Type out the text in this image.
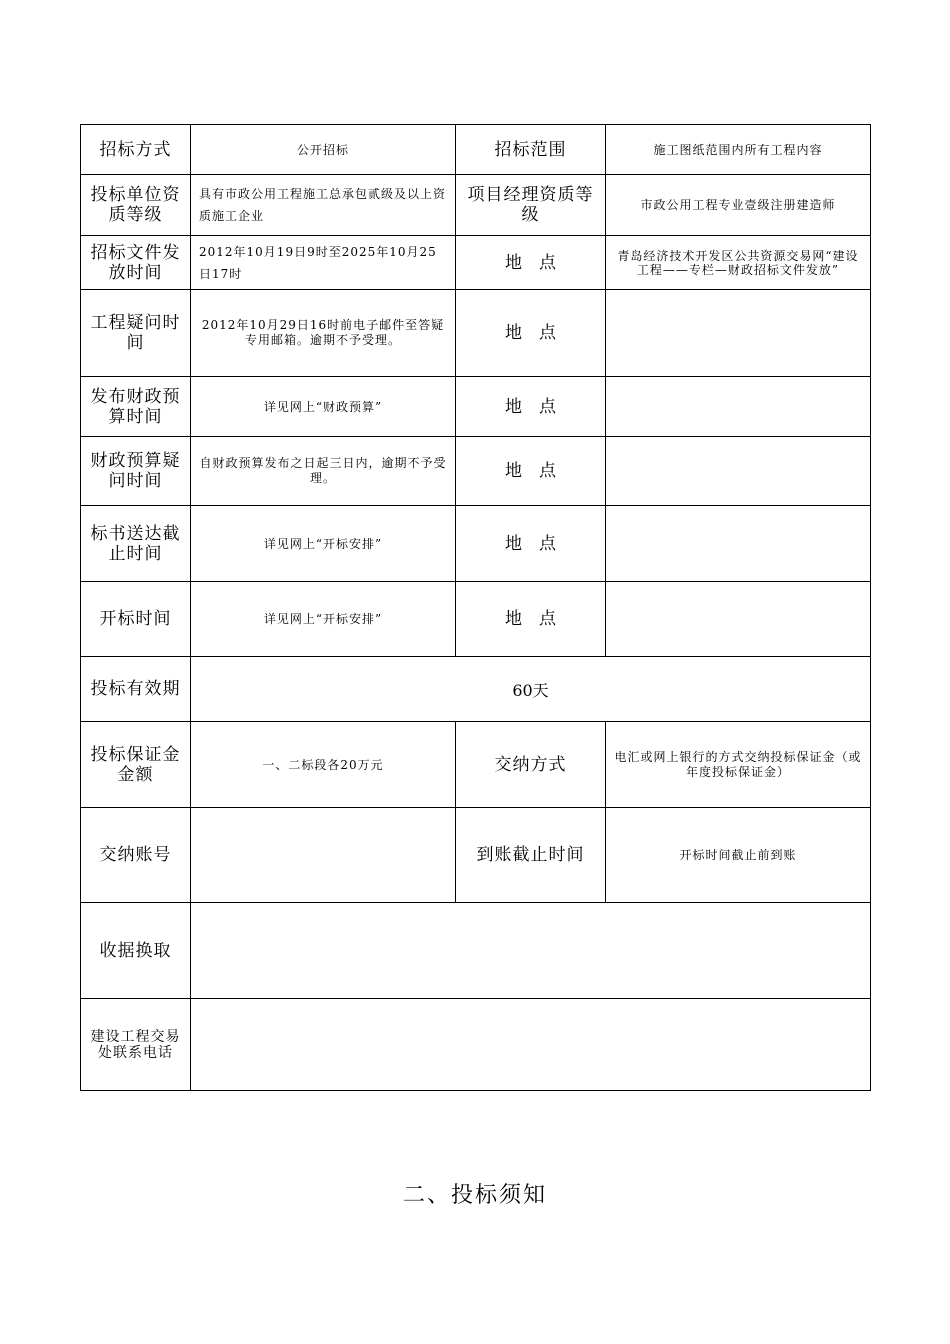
招标方式	公开招标	招标范围	施工图纸范围内所有工程内容
投标单位资质等级	具有市政公用工程施工总承包贰级及以上资质施工企业	项目经理资质等级	市政公用工程专业壹级注册建造师
招标文件发放时间	2012年10月19日9时至2025年10月25日17时	地　点	青岛经济技术开发区公共资源交易网“建设工程——专栏—财政招标文件发放”
工程疑问时间	2012年10月29日16时前电子邮件至答疑专用邮箱。逾期不予受理。	地　点	
发布财政预算时间	详见网上“财政预算”	地　点	
财政预算疑问时间	自财政预算发布之日起三日内，逾期不予受理。	地　点	
标书送达截止时间	详见网上“开标安排”	地　点	
开标时间	详见网上“开标安排”	地　点	
投标有效期	60天		
投标保证金金额	一、二标段各20万元	交纳方式	电汇或网上银行的方式交纳投标保证金（或年度投标保证金）
交纳账号		到账截止时间	开标时间截止前到账
收据换取			
建设工程交易处联系电话			
二、投标须知
